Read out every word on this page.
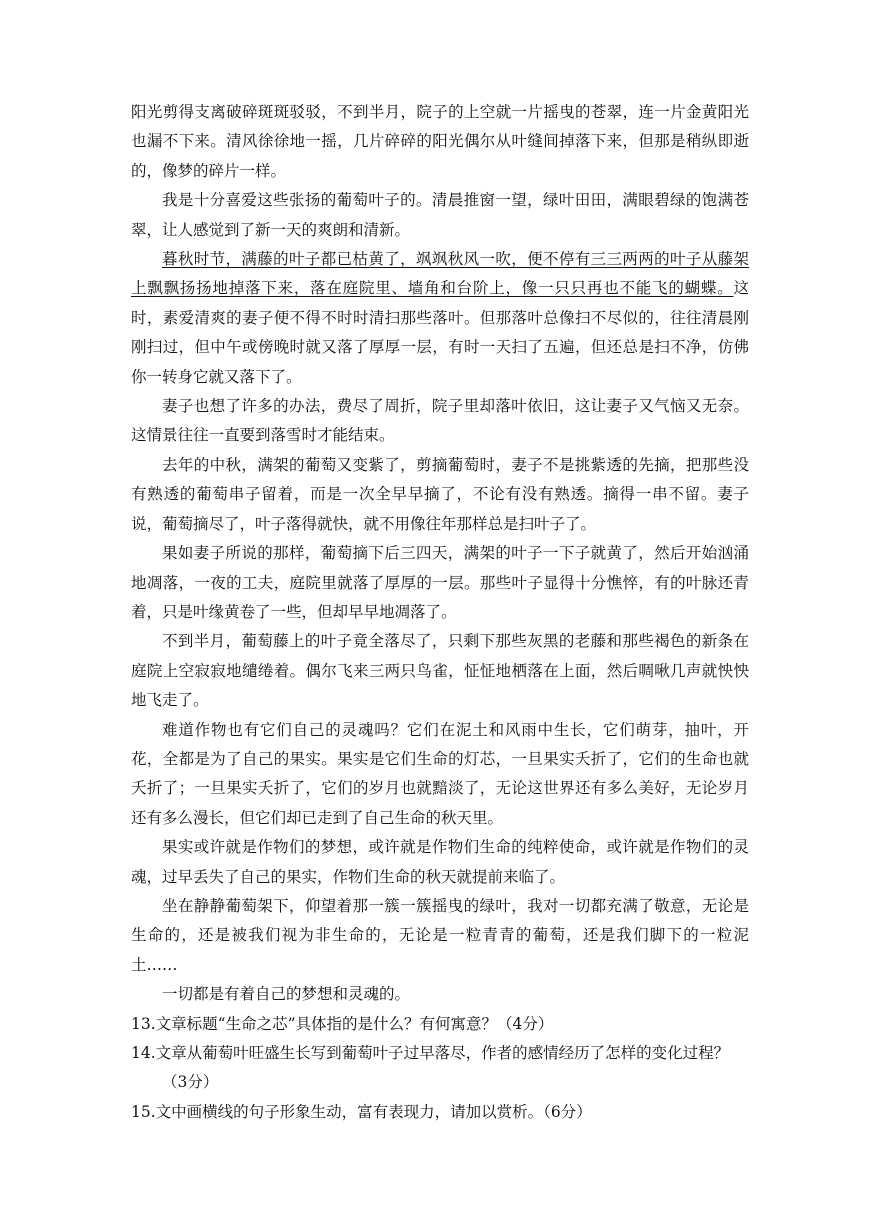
阳光剪得支离破碎斑斑驳驳，不到半月，院子的上空就一片摇曳的苍翠，连一片金黄阳光也漏不下来。清风徐徐地一摇，几片碎碎的阳光偶尔从叶缝间掉落下来，但那是稍纵即逝的，像梦的碎片一样。

我是十分喜爱这些张扬的葡萄叶子的。清晨推窗一望，绿叶田田，满眼碧绿的饱满苍翠，让人感觉到了新一天的爽朗和清新。

暮秋时节，满藤的叶子都已枯黄了，飒飒秋风一吹，便不停有三三两两的叶子从藤架上飘飘扬扬地掉落下来，落在庭院里、墙角和台阶上，像一只只再也不能飞的蝴蝶。这时，素爱清爽的妻子便不得不时时清扫那些落叶。但那落叶总像扫不尽似的，往往清晨刚刚扫过，但中午或傍晚时就又落了厚厚一层，有时一天扫了五遍，但还总是扫不净，仿佛你一转身它就又落下了。

妻子也想了许多的办法，费尽了周折，院子里却落叶依旧，这让妻子又气恼又无奈。这情景往往一直要到落雪时才能结束。

去年的中秋，满架的葡萄又变紫了，剪摘葡萄时，妻子不是挑紫透的先摘，把那些没有熟透的葡萄串子留着，而是一次全早早摘了，不论有没有熟透。摘得一串不留。妻子说，葡萄摘尽了，叶子落得就快，就不用像往年那样总是扫叶子了。

果如妻子所说的那样，葡萄摘下后三四天，满架的叶子一下子就黄了，然后开始汹涌地凋落，一夜的工夫，庭院里就落了厚厚的一层。那些叶子显得十分憔悴，有的叶脉还青着，只是叶缘黄卷了一些，但却早早地凋落了。

不到半月，葡萄藤上的叶子竟全落尽了，只剩下那些灰黑的老藤和那些褐色的新条在庭院上空寂寂地缱绻着。偶尔飞来三两只鸟雀，怔怔地栖落在上面，然后啁啾几声就怏怏地飞走了。

难道作物也有它们自己的灵魂吗？它们在泥土和风雨中生长，它们萌芽，抽叶，开花，全都是为了自己的果实。果实是它们生命的灯芯，一旦果实夭折了，它们的生命也就夭折了；一旦果实夭折了，它们的岁月也就黯淡了，无论这世界还有多么美好，无论岁月还有多么漫长，但它们却已走到了自己生命的秋天里。

果实或许就是作物们的梦想，或许就是作物们生命的纯粹使命，或许就是作物们的灵魂，过早丢失了自己的果实，作物们生命的秋天就提前来临了。

坐在静静葡萄架下，仰望着那一簇一簇摇曳的绿叶，我对一切都充满了敬意，无论是生命的，还是被我们视为非生命的，无论是一粒青青的葡萄，还是我们脚下的一粒泥土……

一切都是有着自己的梦想和灵魂的。

13.文章标题“生命之芯”具体指的是什么？有何寓意？（4分）

14.文章从葡萄叶旺盛生长写到葡萄叶子过早落尽，作者的感情经历了怎样的变化过程？（3分）

15.文中画横线的句子形象生动，富有表现力，请加以赏析。（6分）
